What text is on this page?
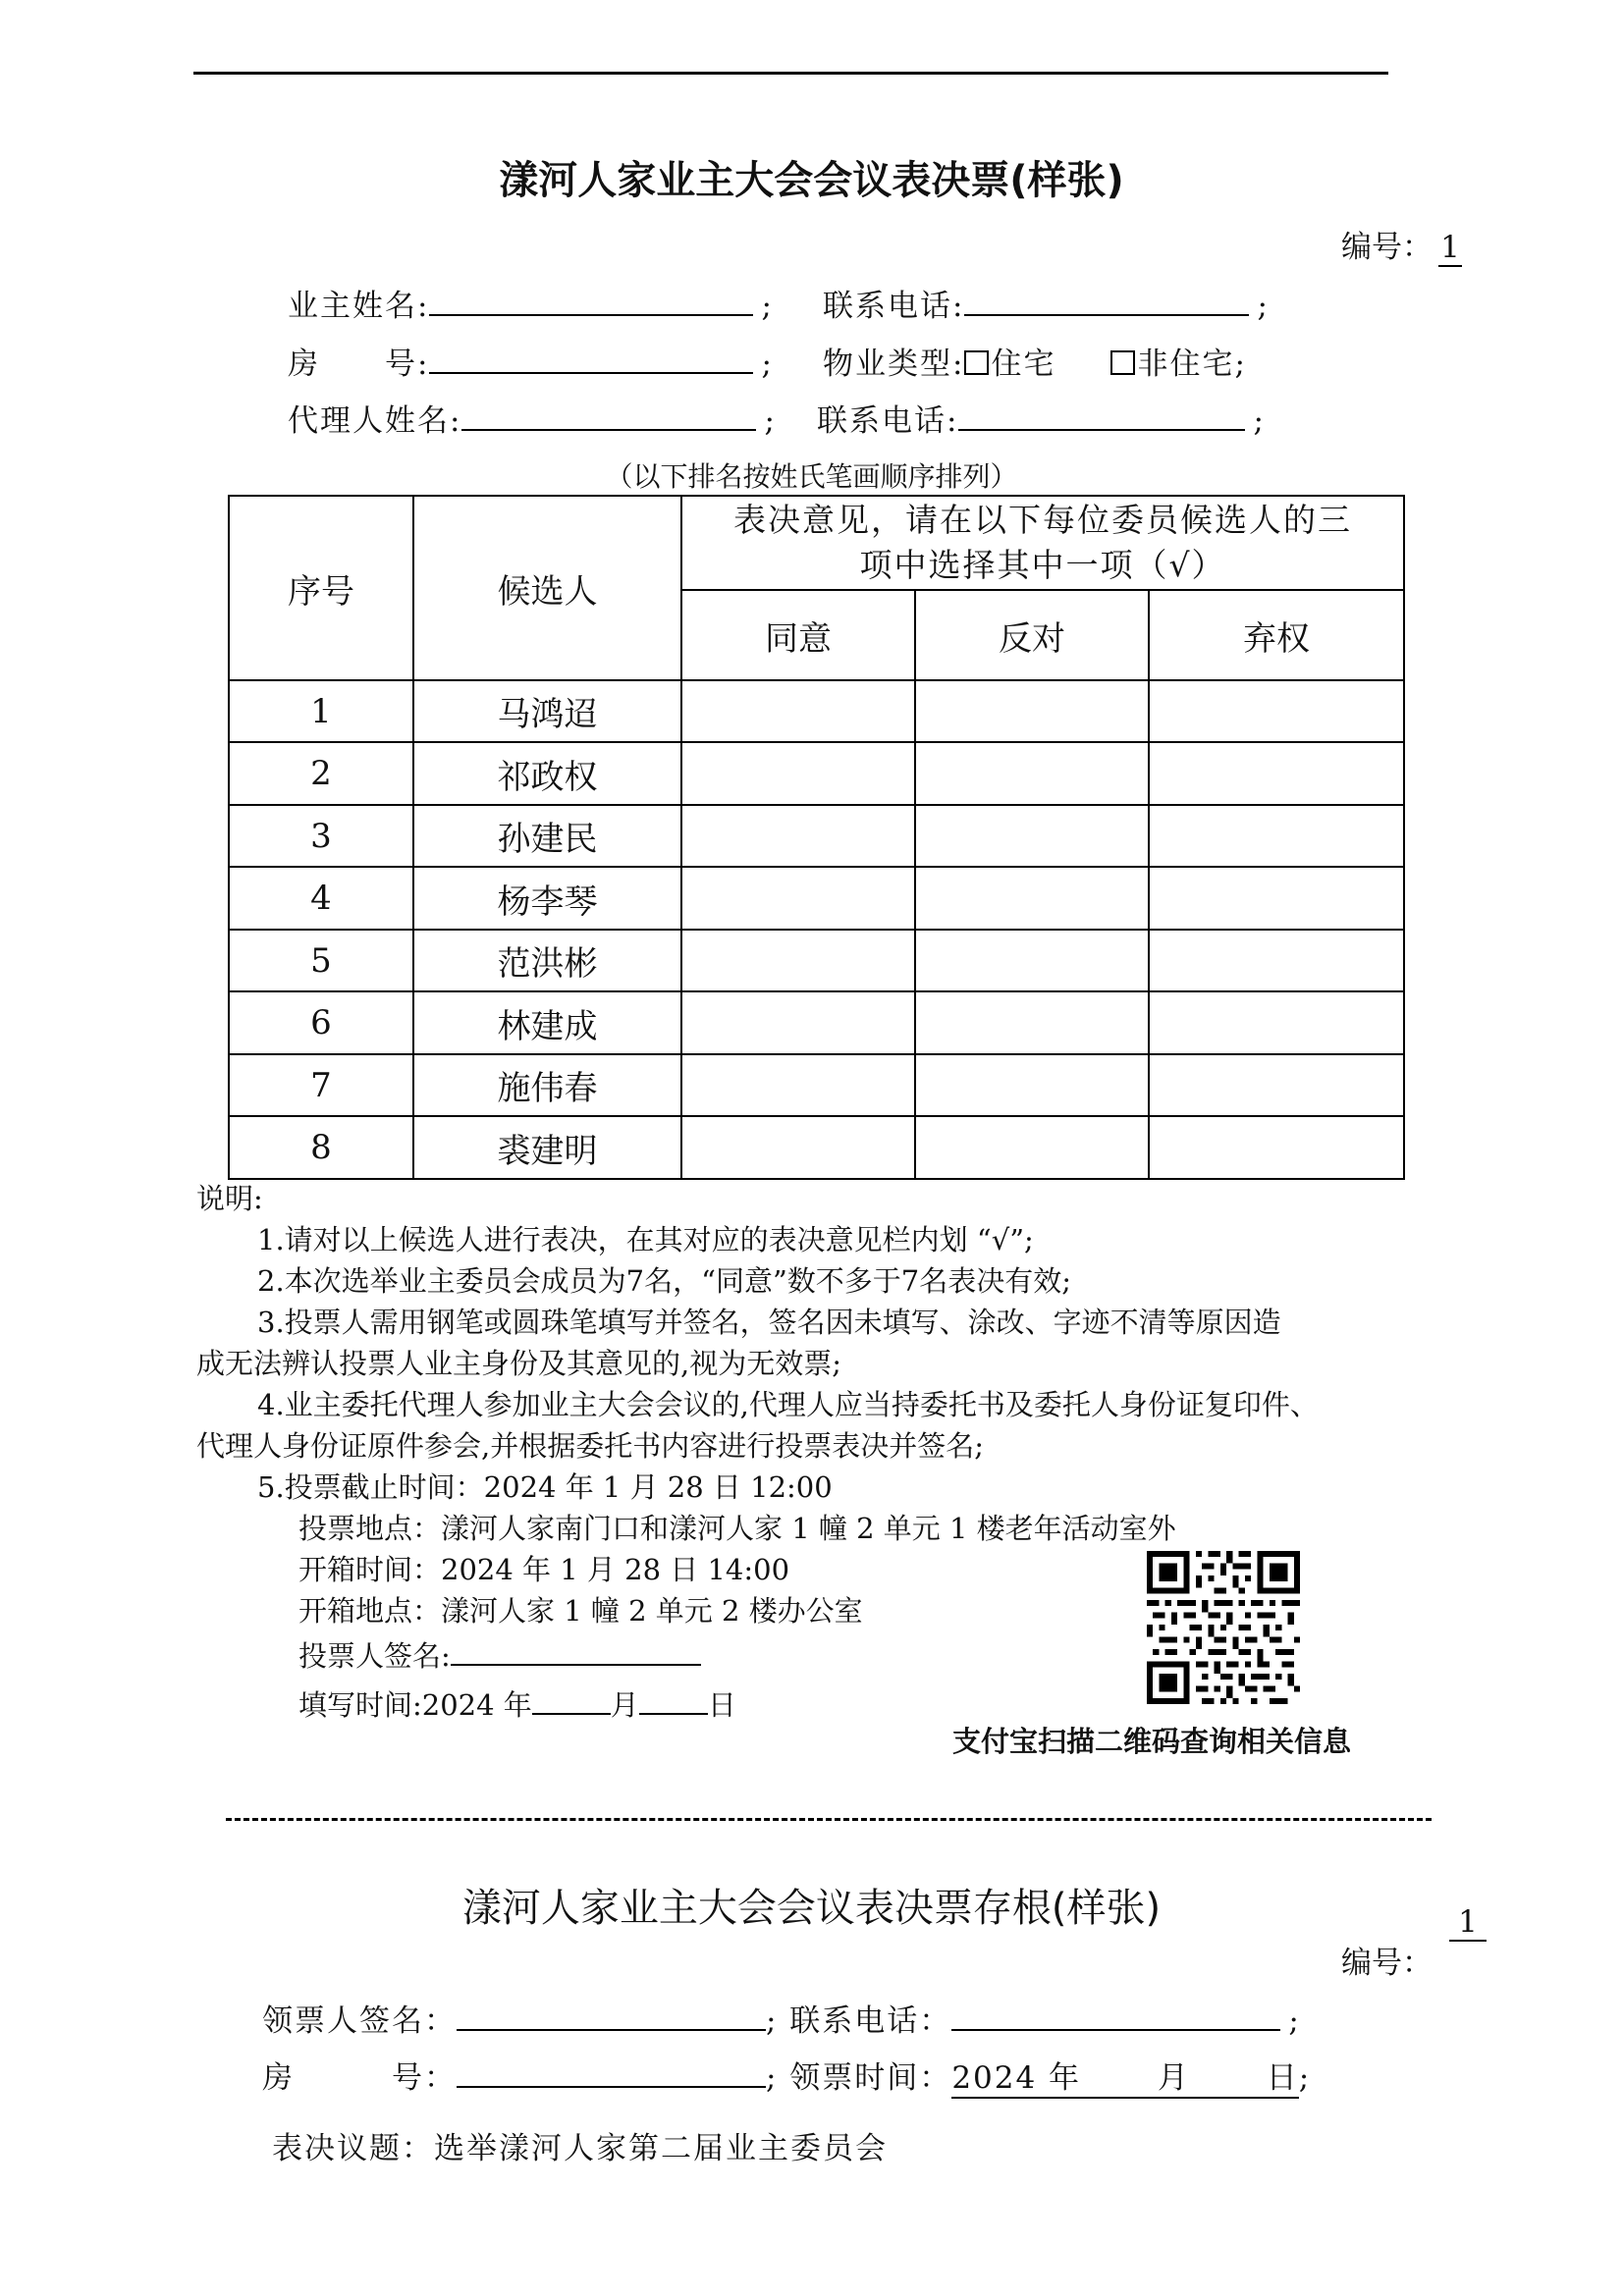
漾河人家业主大会会议表决票(样张)
编号： 1
业主姓名:	; 联系电话:	;
房　　号:	; 物业类型: 住宅	非住宅;
代理人姓名:	; 联系电话:	;
（以下排名按姓氏笔画顺序排列）
序号	候选人	表决意见，请在以下每位委员候选人的三
项中选择其中一项（√）		

		同意	反对	弃权
1	马鸿迢			
2	祁政权			
3	孙建民			
4	杨李琴			
5	范洪彬			
6	林建成			
7	施伟春			
8	裘建明			

说明:

1.请对以上候选人进行表决，在其对应的表决意见栏内划 “√”;

2.本次选举业主委员会成员为7名，“同意”数不多于7名表决有效;

3.投票人需用钢笔或圆珠笔填写并签名，签名因未填写、涂改、字迹不清等原因造

成无法辨认投票人业主身份及其意见的,视为无效票;

4.业主委托代理人参加业主大会会议的,代理人应当持委托书及委托人身份证复印件、

代理人身份证原件参会,并根据委托书内容进行投票表决并签名;

5.投票截止时间：2024 年 1 月 28 日 12:00

投票地点：漾河人家南门口和漾河人家 1 幢 2 单元 1 楼老年活动室外

开箱时间：2024 年 1 月 28 日 14:00

开箱地点：漾河人家 1 幢 2 单元 2 楼办公室

投票人签名:

填写时间:2024 年	月 日

支付宝扫描二维码查询相关信息
漾河人家业主大会会议表决票存根(样张)
编号：
1
领票人签名：	; 联系电话：	;
房　　　号：	; 领票时间：2024 年　　 月　　 日;
表决议题：选举漾河人家第二届业主委员会
